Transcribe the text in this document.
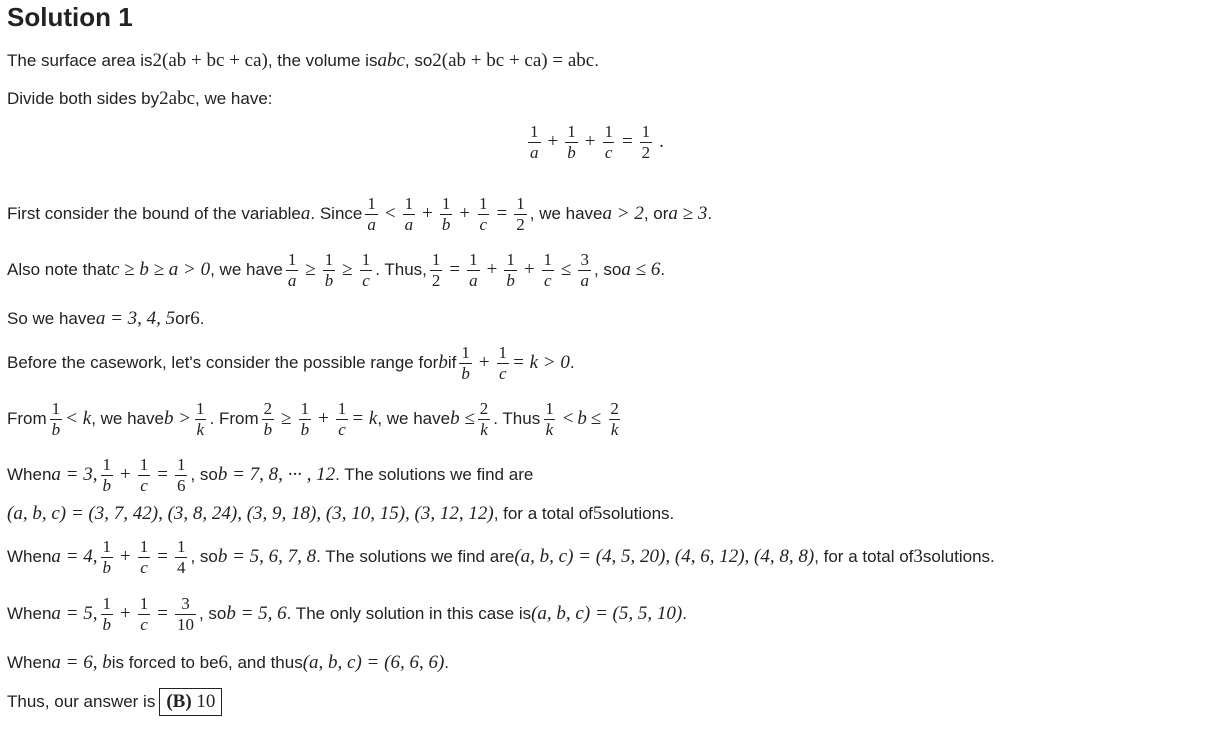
Solution 1
The surface area is 2(ab + bc + ca) , the volume is abc , so 2(ab + bc + ca) = abc .
Divide both sides by 2abc , we have:
$\frac{1}{a} + \frac{1}{b} + \frac{1}{c} = \frac{1}{2}$ .
First consider the bound of the variable a . Since $\frac{1}{a} < \frac{1}{a} + \frac{1}{b} + \frac{1}{c} = \frac{1}{2}$ , we have a > 2 , or a ≥ 3 .
Also note that c ≥ b ≥ a > 0 , we have $\frac{1}{a} \ge \frac{1}{b} \ge \frac{1}{c}$ . Thus, $\frac{1}{2} = \frac{1}{a} + \frac{1}{b} + \frac{1}{c} \le \frac{3}{a}$ , so a ≤ 6 .
So we have a = 3, 4, 5 or 6 .
Before the casework, let's consider the possible range for b if $\frac{1}{b} + \frac{1}{c} = k > 0$ .
From $\frac{1}{b} < k$ , we have $b > \frac{1}{k}$ . From $\frac{2}{b} \ge \frac{1}{b} + \frac{1}{c} = k$ , we have $b \le \frac{2}{k}$ . Thus $\frac{1}{k} < b \le \frac{2}{k}$
When a = 3, $\frac{1}{b} + \frac{1}{c} = \frac{1}{6}$ , so b = 7, 8, ··· , 12 . The solutions we find are
(a, b, c) = (3, 7, 42), (3, 8, 24), (3, 9, 18), (3, 10, 15), (3, 12, 12) , for a total of 5 solutions.
When a = 4, $\frac{1}{b} + \frac{1}{c} = \frac{1}{4}$ , so b = 5, 6, 7, 8 . The solutions we find are (a, b, c) = (4, 5, 20), (4, 6, 12), (4, 8, 8) , for a total of 3 solutions.
When a = 5, $\frac{1}{b} + \frac{1}{c} = \frac{3}{10}$ , so b = 5, 6 . The only solution in this case is (a, b, c) = (5, 5, 10) .
When a = 6, b is forced to be 6 , and thus (a, b, c) = (6, 6, 6) .
Thus, our answer is (B) 10
